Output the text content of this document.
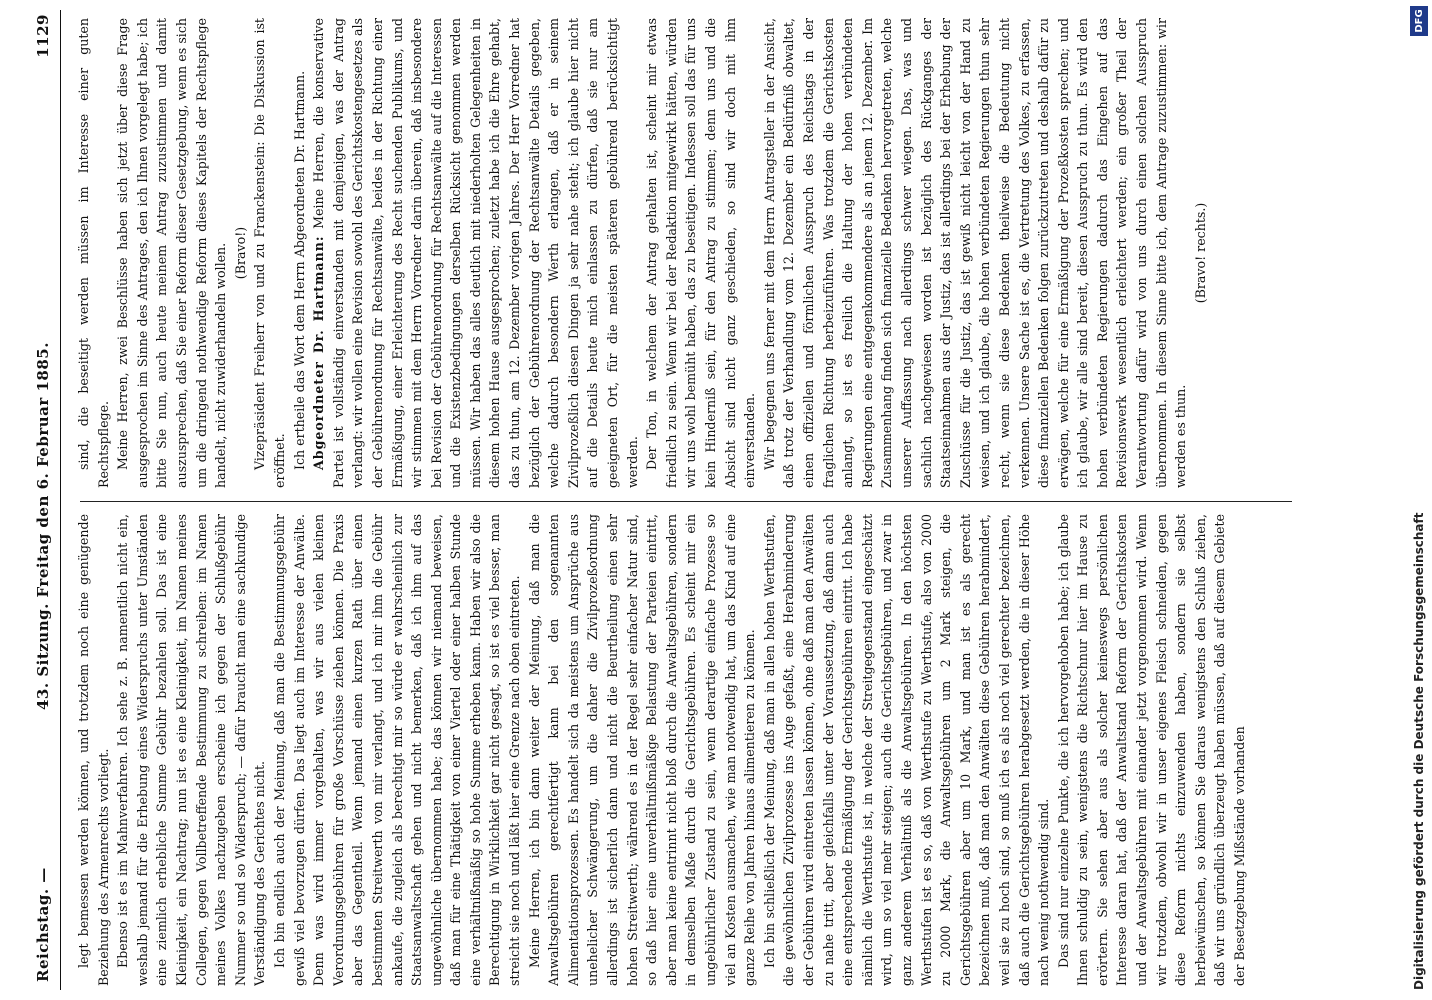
Reichstag. —
43. Sitzung. Freitag den 6. Februar 1885.
1129

legt bemessen werden können, und trotzdem noch eine genügende Beziehung des Armenrechts vorliegt. Ebenso ist es im Mahnverfahren. Ich sehe z. B. namentlich nicht ein, weshalb jemand für die Erhebung eines Widerspruchs unter Umständen eine ziemlich erhebliche Summe Gebühr bezahlen soll. Das ist eine Kleinigkeit, ein Nachtrag; nun ist es eine Kleinigkeit, im Namen meines Collegen, gegen Vollbetreffende Bestimmung zu schreiben: im Namen meines Volkes nachzugeben erscheine ich gegen der Schlußgebühr Nummer so und so Widerspruch; — dafür braucht man eine sachkundige Verständigung des Gerichtes nicht. Ich bin endlich auch der Meinung, daß man die Bestimmungsgebühr gewiß viel bevorzugen dürfen. Das liegt auch im Interesse der Anwälte. Denn was wird immer vorgehalten, was wir aus vielen kleinen Verordnungsgebühren für große Vorschüsse ziehen können. Die Praxis aber das Gegentheil. Wenn jemand einen kurzen Rath über einen bestimmten Streitwerth von mir verlangt, und ich mir ihm die Gebühr ankaufe, die zugleich als berechtigt mir so würde er wahrscheinlich zur Staatsanwaltschaft gehen und nicht bemerken, daß ich ihm auf das ungewöhnliche übernommen habe; das können wir niemand beweisen, daß man für eine Thätigkeit von einer Viertel oder einer halben Stunde eine verhältnißmäßig so hohe Summe erheben kann. Haben wir also die Berechtigung in Wirklichkeit gar nicht gesagt, so ist es viel besser, man streicht sie noch und läßt hier eine Grenze nach oben eintreten. Meine Herren, ich bin dann weiter der Meinung, daß man die Anwaltsgebühren gerechtfertigt kann bei den sogenannten Alimentationsprozessen. Es handelt sich da meistens um Ansprüche aus unehelicher Schwängerung, um die daher die Zivilprozeßordnung allerdings ist sicherlich dann und nicht die Beurtheilung einen sehr hohen Streitwerth; während es in der Regel sehr einfacher Natur sind, so daß hier eine unverhältnißmäßige Belastung der Parteien eintritt, aber man keine entrinnt nicht bloß durch die Anwaltsgebühren, sondern in demselben Maße durch die Gerichtsgebühren. Es scheint mir ein ungebührlicher Zustand zu sein, wenn derartige einfache Prozesse so viel an Kosten ausmachen, wie man notwendig hat, um das Kind auf eine ganze Reihe von Jahren hinaus alimentieren zu können. Ich bin schließlich der Meinung, daß man in allen hohen Werthstufen, die gewöhnlichen Zivilprozesse ins Auge gefaßt, eine Herabminderung der Gebühren wird eintreten lassen können, ohne daß man den Anwälten zu nahe tritt, aber gleichfalls unter der Voraussetzung, daß dann auch eine entsprechende Ermäßigung der Gerichtsgebühren eintritt. Ich habe nämlich die Werthstufe ist, in welche der Streitgegenstand eingeschätzt wird, um so viel mehr steigen; auch die Gerichtsgebühren, und zwar in ganz anderem Verhältniß als die Anwaltsgebühren. In den höchsten Werthstufen ist es so, daß von Werthstufe zu Werthstufe, also von 2000 zu 2000 Mark, die Anwaltsgebühren um 2 Mark steigen, die Gerichtsgebühren aber um 10 Mark, und man ist es als gerecht bezeichnen muß, daß man den Anwälten diese Gebühren herabmindert, weil sie zu hoch sind, so muß ich es als noch viel gerechter bezeichnen, daß auch die Gerichtsgebühren herabgesetzt werden, die in dieser Höhe nach wenig nothwendig sind. Das sind nur einzelne Punkte, die ich hervorgehoben habe; ich glaube Ihnen schuldig zu sein, wenigstens die Richtschnur hier im Hause zu erörtern. Sie sehen aber aus als solcher keineswegs persönlichen Interesse daran hat, daß der Anwaltstand Reform der Gerichtskosten und der Anwaltsgebühren mit einander jetzt vorgenommen wird. Wenn wir trotzdem, obwohl wir in unser eigenes Fleisch schneiden, gegen diese Reform nichts einzuwenden haben, sondern sie selbst herbeiwünschen, so können Sie daraus wenigstens den Schluß ziehen, daß wir uns gründlich überzeugt haben müssen, daß auf diesem Gebiete der Besetzgebung Mißstände vorhanden

sind, die beseitigt werden müssen im Interesse einer guten Rechtspflege. Meine Herren, zwei Beschlüsse haben sich jetzt über diese Frage ausgesprochen im Sinne des Antrages, den ich Ihnen vorgelegt habe; ich bitte Sie nun, auch heute meinem Antrag zuzustimmen und damit auszusprechen, daß Sie einer Reform dieser Gesetzgebung, wenn es sich um die dringend nothwendige Reform dieses Kapitels der Rechtspflege handelt, nicht zuwiderhandeln wollen. (Bravo!) Vizepräsident Freiherr von und zu Franckenstein: Die Diskussion ist eröffnet. Ich ertheile das Wort dem Herrn Abgeordneten Dr. Hartmann. Abgeordneter Dr. Hartmann: Meine Herren, die konservative Partei ist vollständig einverstanden mit demjenigen, was der Antrag verlangt: wir wollen eine Revision sowohl des Gerichtskostengesetzes als der Gebührenordnung für Rechtsanwälte, beides in der Richtung einer Ermäßigung, einer Erleichterung des Recht suchenden Publikums, und wir stimmen mit dem Herrn Vorredner darin überein, daß insbesondere bei Revision der Gebührenordnung für Rechtsanwälte auf die Interessen und die Existenzbedingungen derselben Rücksicht genommen werden müssen. Wir haben das alles deutlich mit niederholten Gelegenheiten in diesem hohen Hause ausgesprochen; zuletzt habe ich die Ehre gehabt, das zu thun, am 12. Dezember vorigen Jahres. Der Herr Vorredner hat bezüglich der Gebührenordnung der Rechtsanwälte Details gegeben, welche dadurch besondern Werth erlangen, daß er in seinem Zivilprozeßlich diesen Dingen ja sehr nahe steht; ich glaube hier nicht auf die Details heute mich einlassen zu dürfen, daß sie nur am geeigneten Ort, für die meisten späteren gebührend berücksichtigt werden. Der Ton, in welchem der Antrag gehalten ist, scheint mir etwas friedlich zu sein. Wenn wir bei der Redaktion mitgewirkt hätten, würden wir uns wohl bemüht haben, das zu beseitigen. Indessen soll das für uns kein Hinderniß sein, für den Antrag zu stimmen; denn uns und die Absicht sind nicht ganz geschieden, so sind wir doch mit ihm einverstanden. Wir begegnen uns ferner mit dem Herrn Antragsteller in der Ansicht, daß trotz der Verhandlung vom 12. Dezember ein Bedürfniß obwaltet, einen offiziellen und förmlichen Ausspruch des Reichstags in der fraglichen Richtung herbeizuführen. Was trotzdem die Gerichtskosten anlangt, so ist es freilich die Haltung der hohen verbündeten Regierungen eine entgegenkommendere als an jenem 12. Dezember. Im Zusammenhang finden sich finanzielle Bedenken hervorgetreten, welche unserer Auffassung nach allerdings schwer wiegen. Das, was und sachlich nachgewiesen worden ist bezüglich des Rückganges der Staatseinnahmen aus der Justiz, das ist allerdings bei der Erhebung der Zuschüsse für die Justiz, das ist gewiß nicht leicht von der Hand zu weisen, und ich glaube, die hohen verbündeten Regierungen thun sehr recht, wenn sie diese Bedenken theilweise die Bedeutung nicht verkennen. Unsere Sache ist es, die Vertretung des Volkes, zu erfassen, diese finanziellen Bedenken folgen zurückzutreten und deshalb dafür zu erwägen, welche für eine Ermäßigung der Prozeßkosten sprechen; und ich glaube, wir alle sind bereit, diesen Ausspruch zu thun. Es wird den hohen verbündeten Regierungen dadurch das Eingehen auf das Revisionswerk wesentlich erleichtert werden; ein großer Theil der Verantwortung dafür wird von uns durch einen solchen Ausspruch übernommen. In diesem Sinne bitte ich, dem Antrage zuzustimmen: wir werden es thun.

(Bravo! rechts.)

Digitalisierung gefördert durch die Deutsche Forschungsgemeinschaft
DFG
